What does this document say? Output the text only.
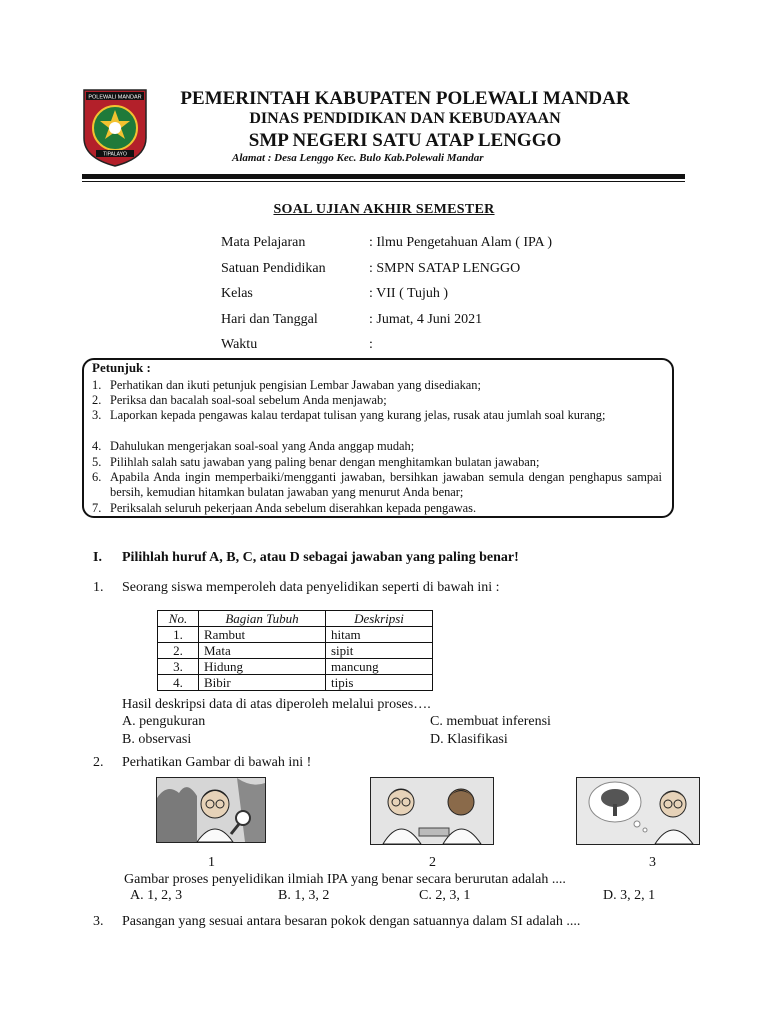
POLEWALI MANDAR
TIPALAYO
PEMERINTAH KABUPATEN POLEWALI MANDAR
DINAS PENDIDIKAN DAN KEBUDAYAAN
SMP NEGERI SATU ATAP LENGGO
Alamat : Desa Lenggo Kec. Bulo Kab.Polewali Mandar
SOAL UJIAN AKHIR SEMESTER
Mata Pelajaran	: Ilmu Pengetahuan Alam ( IPA )
Satuan Pendidikan	: SMPN SATAP LENGGO
Kelas	: VII ( Tujuh )
Hari dan Tanggal	: Jumat, 4 Juni 2021
Waktu	:
Petunjuk :
1. Perhatikan dan ikuti petunjuk pengisian Lembar Jawaban yang disediakan;
2. Periksa dan bacalah soal-soal sebelum Anda menjawab;
3. Laporkan kepada pengawas kalau terdapat tulisan yang kurang jelas, rusak atau jumlah soal kurang;
4. Dahulukan mengerjakan soal-soal yang Anda anggap mudah;
5. Pilihlah salah satu jawaban yang paling benar dengan menghitamkan bulatan jawaban;
6. Apabila Anda ingin memperbaiki/mengganti jawaban, bersihkan jawaban semula dengan penghapus sampai bersih, kemudian hitamkan bulatan jawaban yang menurut Anda benar;
7. Periksalah seluruh pekerjaan Anda sebelum diserahkan kepada pengawas.
I. Pilihlah huruf A, B, C, atau D sebagai jawaban yang paling benar!
1. Seorang siswa memperoleh data penyelidikan seperti di bawah ini :
No.	Bagian Tubuh	Deskripsi
1.	Rambut	hitam
2.	Mata	sipit
3.	Hidung	mancung
4.	Bibir	tipis
Hasil deskripsi data di atas diperoleh melalui proses….
A. pengukuran	C. membuat inferensi
B. observasi	D. Klasifikasi
2. Perhatikan Gambar di bawah ini !
1	2	3
Gambar proses penyelidikan ilmiah IPA yang benar secara berurutan adalah ....
A. 1, 2, 3	B. 1, 3, 2	C. 2, 3, 1	D. 3, 2, 1
3. Pasangan yang sesuai antara besaran pokok dengan satuannya dalam SI adalah ....
